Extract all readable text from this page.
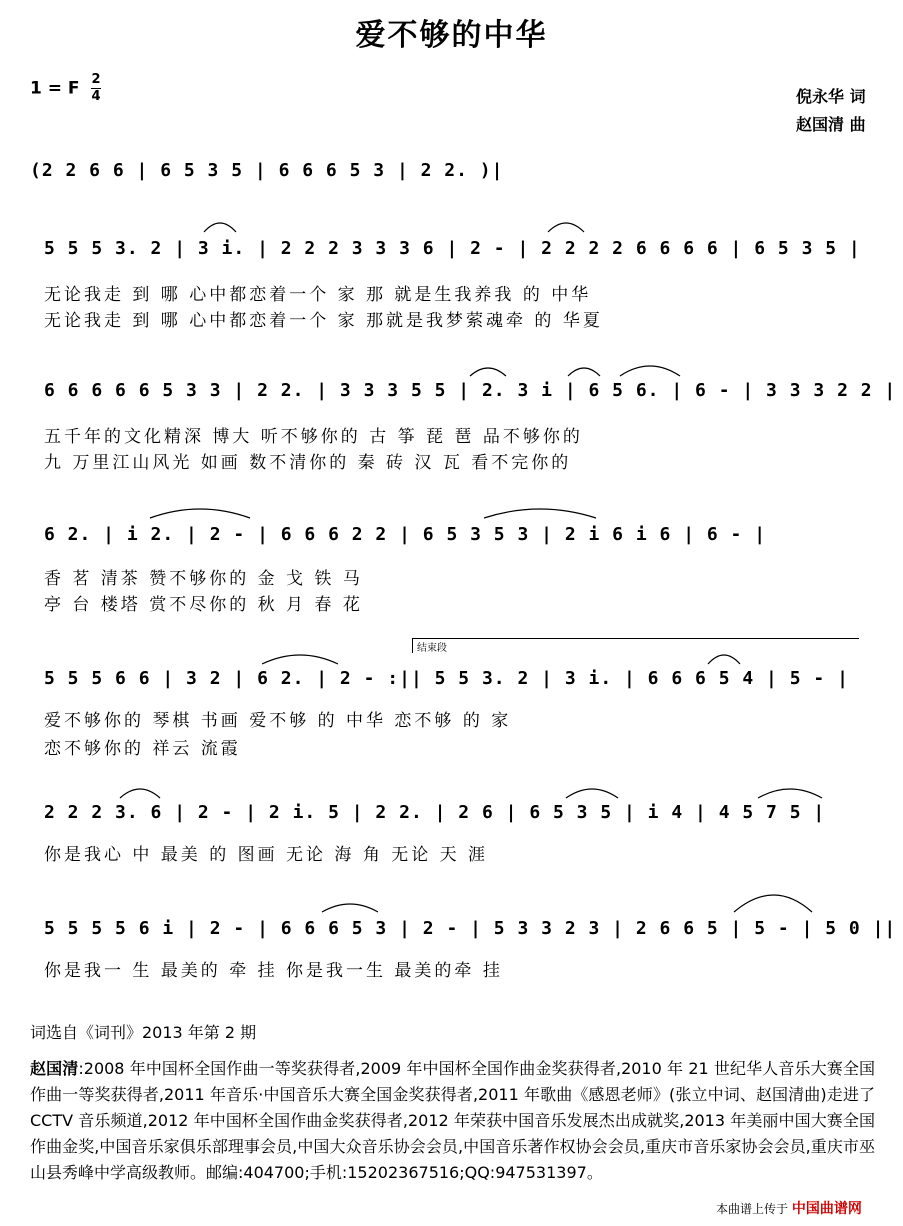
爱不够的中华
1 = F $\frac{2}{4}$	倪永华 词
赵国清 曲
(2 2 6 6 | 6 5 3 5 | 6 6 6 5 3 | 2 2. )|
5 5 5 3. 2 | 3 i. | 2 2 2 3 3 3 6 | 2 - | 2 2 2 2 6 6 6 6 | 6 5 3 5 |
无论我走 到 哪 心中都恋着一个 家 那 就是生我养我 的 中华
无论我走 到 哪 心中都恋着一个 家 那就是我梦萦魂牵 的 华夏
6 6 6 6 6 5 3 3 | 2 2. | 3 3 3 5 5 | 2. 3 i | 6 5 6. | 6 - | 3 3 3 2 2 |
五千年的文化精深 博大 听不够你的 古 筝 琵 琶 品不够你的
九 万里江山风光 如画 数不清你的 秦 砖 汉 瓦 看不完你的
6 2. | i 2. | 2 - | 6 6 6 2 2 | 6 5 3 5 3 | 2 i 6 i 6 | 6 - |
香 茗 清茶 赞不够你的 金 戈 铁 马
亭 台 楼塔 赏不尽你的 秋 月 春 花
结束段
5 5 5 6 6 | 3 2 | 6 2. | 2 - :|| 5 5 3. 2 | 3 i. | 6 6 6 5 4 | 5 - |
爱不够你的 琴棋 书画 爱不够 的 中华 恋不够 的 家
恋不够你的 祥云 流霞
2 2 2 3. 6 | 2 - | 2 i. 5 | 2 2. | 2 6 | 6 5 3 5 | i 4 | 4 5 7 5 |
你是我心 中 最美 的 图画 无论 海 角 无论 天 涯
5 5 5 5 6 i | 2 - | 6 6 6 5 3 | 2 - | 5 3 3 2 3 | 2 6 6 5 | 5 - | 5 0 ||
你是我一 生 最美的 牵 挂 你是我一生 最美的牵 挂
词选自《词刊》2013 年第 2 期
赵国清:2008 年中国杯全国作曲一等奖获得者,2009 年中国杯全国作曲金奖获得者,2010 年 21 世纪华人音乐大赛全国作曲一等奖获得者,2011 年音乐·中国音乐大赛全国金奖获得者,2011 年歌曲《感恩老师》(张立中词、赵国清曲)走进了 CCTV 音乐频道,2012 年中国杯全国作曲金奖获得者,2012 年荣获中国音乐发展杰出成就奖,2013 年美丽中国大赛全国作曲金奖,中国音乐家俱乐部理事会员,中国大众音乐协会会员,中国音乐著作权协会会员,重庆市音乐家协会会员,重庆市巫山县秀峰中学高级教师。邮编:404700;手机:15202367516;QQ:947531397。
本曲谱上传于 中国曲谱网
